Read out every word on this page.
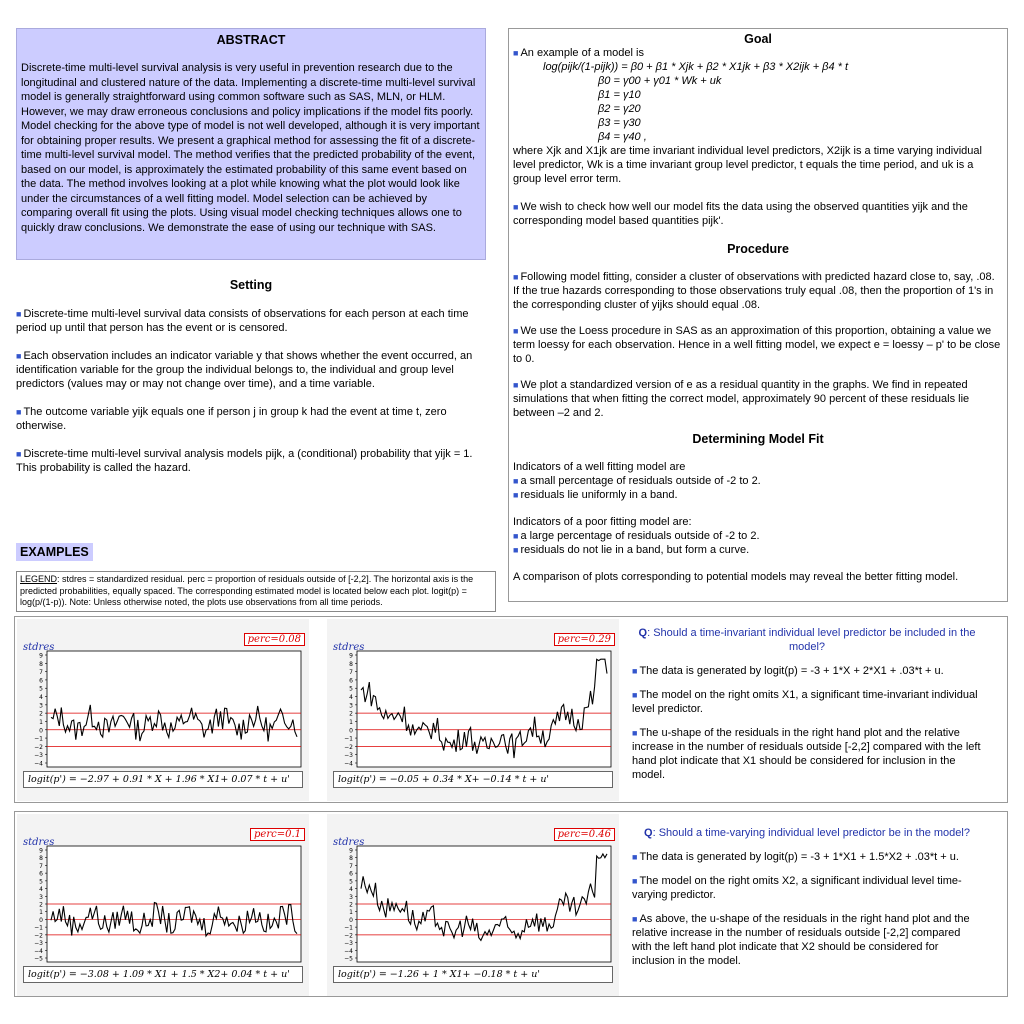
ABSTRACT

Discrete-time multi-level survival analysis is very useful in prevention research due to the longitudinal and clustered nature of the data. Implementing a discrete-time multi-level survival model is generally straightforward using common software such as SAS, MLN, or HLM. However, we may draw erroneous conclusions and policy implications if the model fits poorly. Model checking for the above type of model is not well developed, although it is very important for obtaining proper results. We present a graphical method for assessing the fit of a discrete-time multi-level survival model. The method verifies that the predicted probability of the event, based on our model, is approximately the estimated probability of this same event based on the data. The method involves looking at a plot while knowing what the plot would look like under the circumstances of a well fitting model. Model selection can be achieved by comparing overall fit using the plots. Using visual model checking techniques allows one to quickly draw conclusions. We demonstrate the ease of using our technique with SAS.

Setting

■ Discrete-time multi-level survival data consists of observations for each person at each time period up until that person has the event or is censored.

■ Each observation includes an indicator variable y that shows whether the event occurred, an identification variable for the group the individual belongs to, the individual and group level predictors (values may or may not change over time), and a time variable.

■ The outcome variable yijk equals one if person j in group k had the event at time t, zero otherwise.

■ Discrete-time multi-level survival analysis models pijk, a (conditional) probability that yijk = 1. This probability is called the hazard.

Goal

■ An example of a model is

log(pijk/(1-pijk)) = β0 + β1 * Xjk + β2 * X1jk + β3 * X2ijk + β4 * t

β0 = γ00 + γ01 * Wk + uk

β1 = γ10

β2 = γ20

β3 = γ30

β4 = γ40 ,

where Xjk and X1jk are time invariant individual level predictors, X2ijk is a time varying individual level predictor, Wk is a time invariant group level predictor, t equals the time period, and uk is a group level error term.

■ We wish to check how well our model fits the data using the observed quantities yijk and the corresponding model based quantities pijk'.

Procedure

■ Following model fitting, consider a cluster of observations with predicted hazard close to, say, .08. If the true hazards corresponding to those observations truly equal .08, then the proportion of 1's in the corresponding cluster of yijks should equal .08.

■ We use the Loess procedure in SAS as an approximation of this proportion, obtaining a value we term loessy for each observation. Hence in a well fitting model, we expect e = loessy – p' to be close to 0.

■ We plot a standardized version of e as a residual quantity in the graphs. We find in repeated simulations that when fitting the correct model, approximately 90 percent of these residuals lie between –2 and 2.

Determining Model Fit

Indicators of a well fitting model are

■ a small percentage of residuals outside of -2 to 2.

■ residuals lie uniformly in a band.

Indicators of a poor fitting model are:

■ a large percentage of residuals outside of -2 to 2.

■ residuals do not lie in a band, but form a curve.

A comparison of plots corresponding to potential models may reveal the better fitting model.

EXAMPLES
LEGEND: stdres = standardized residual. perc = proportion of residuals outside of [-2,2]. The horizontal axis is the predicted probabilities, equally spaced. The corresponding estimated model is located below each plot. logit(p) = log(p/(1-p)). Note: Unless otherwise noted, the plots use observations from all time periods.
9
8
7
6
5
4
3
2
1
0
−1
−2
−3
−4
stdres
perc=0.08
logit(p') = −2.97 + 0.91 * X + 1.96 * X1+ 0.07 * t + u'
9
8
7
6
5
4
3
2
1
0
−1
−2
−3
−4
stdres
perc=0.29
logit(p') = −0.05 + 0.34 * X+ −0.14 * t + u'

Q: Should a time-invariant individual level predictor be included in the model?

■ The data is generated by logit(p) = -3 + 1*X + 2*X1 + .03*t + u.

■ The model on the right omits X1, a significant time-invariant individual level predictor.

■ The u-shape of the residuals in the right hand plot and the relative increase in the number of residuals outside [-2,2] compared with the left hand plot indicate that X1 should be considered for inclusion in the model.

9
8
7
6
5
4
3
2
1
0
−1
−2
−3
−4
−5
stdres
perc=0.1
logit(p') = −3.08 + 1.09 * X1 + 1.5 * X2+ 0.04 * t + u'
9
8
7
6
5
4
3
2
1
0
−1
−2
−3
−4
−5
stdres
perc=0.46
logit(p') = −1.26 + 1 * X1+ −0.18 * t + u'

Q: Should a time-varying individual level predictor be in the model?

■ The data is generated by logit(p) = -3 + 1*X1 + 1.5*X2 + .03*t + u.

■ The model on the right omits X2, a significant individual level time-varying predictor.

■ As above, the u-shape of the residuals in the right hand plot and the relative increase in the number of residuals outside [-2,2] compared with the left hand plot indicate that X2 should be considered for inclusion in the model.
